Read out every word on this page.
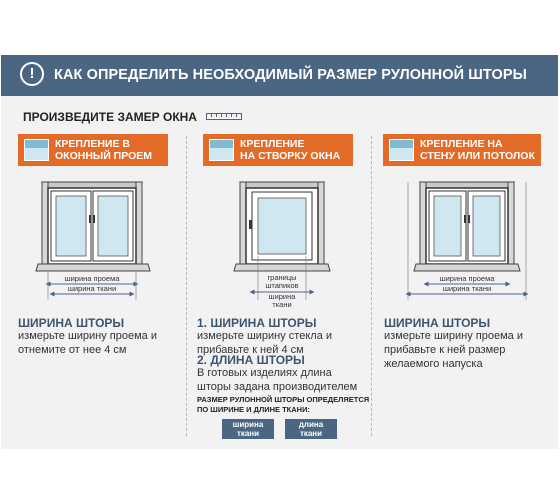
!	КАК ОПРЕДЕЛИТЬ НЕОБХОДИМЫЙ РАЗМЕР РУЛОННОЙ ШТОРЫ
ПРОИЗВЕДИТЕ ЗАМЕР ОКНА
КРЕПЛЕНИЕ В
ОКОННЫЙ ПРОЕМ
КРЕПЛЕНИЕ
НА СТВОРКУ ОКНА
КРЕПЛЕНИЕ НА
СТЕНУ ИЛИ ПОТОЛОК
ширина проема
ширина ткани
границы
штапиков
ширина
ткани
ширина проема
ширина ткани
ШИРИНА ШТОРЫ
измерьте ширину проема и
отнемите от нее 4 см
1. ШИРИНА ШТОРЫ
измерьте ширину стекла и
прибавьте к ней 4 см
2. ДЛИНА ШТОРЫ
В готовых изделиях длина
шторы задана производителем
РАЗМЕР РУЛОННОЙ ШТОРЫ ОПРЕДЕЛЯЕТСЯ
ПО ШИРИНЕ И ДЛИНЕ ТКАНИ:
ширина
ткани
длина
ткани
ШИРИНА ШТОРЫ
измерьте ширину проема и
прибавьте к ней размер
желаемого напуска
